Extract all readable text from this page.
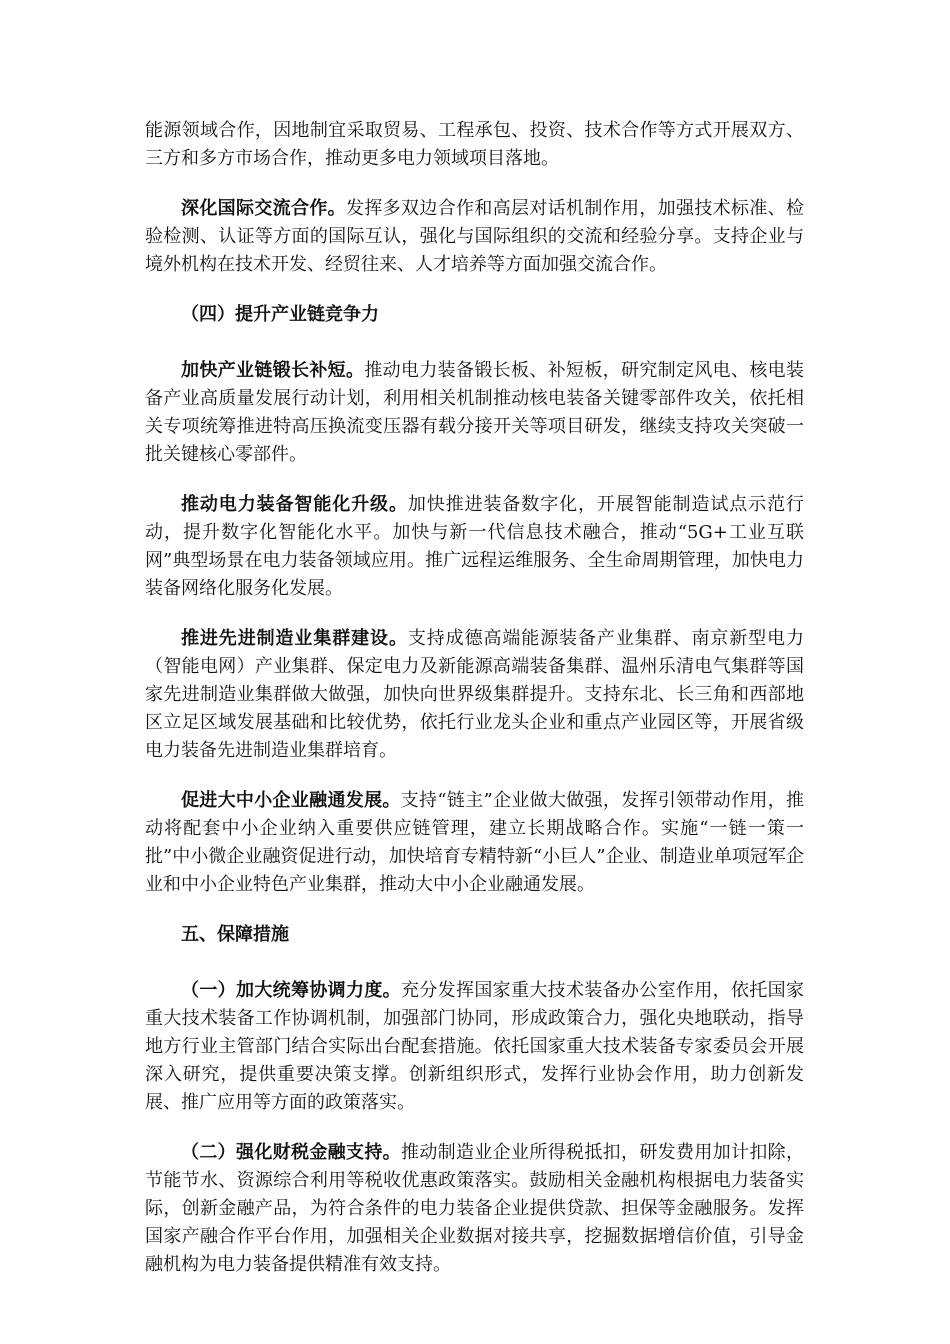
能源领域合作，因地制宜采取贸易、工程承包、投资、技术合作等方式开展双方、三方和多方市场合作，推动更多电力领域项目落地。

深化国际交流合作。发挥多双边合作和高层对话机制作用，加强技术标准、检验检测、认证等方面的国际互认，强化与国际组织的交流和经验分享。支持企业与境外机构在技术开发、经贸往来、人才培养等方面加强交流合作。

（四）提升产业链竞争力

加快产业链锻长补短。推动电力装备锻长板、补短板，研究制定风电、核电装备产业高质量发展行动计划，利用相关机制推动核电装备关键零部件攻关，依托相关专项统筹推进特高压换流变压器有载分接开关等项目研发，继续支持攻关突破一批关键核心零部件。

推动电力装备智能化升级。加快推进装备数字化，开展智能制造试点示范行动，提升数字化智能化水平。加快与新一代信息技术融合，推动“5G+工业互联网”典型场景在电力装备领域应用。推广远程运维服务、全生命周期管理，加快电力装备网络化服务化发展。

推进先进制造业集群建设。支持成德高端能源装备产业集群、南京新型电力（智能电网）产业集群、保定电力及新能源高端装备集群、温州乐清电气集群等国家先进制造业集群做大做强，加快向世界级集群提升。支持东北、长三角和西部地区立足区域发展基础和比较优势，依托行业龙头企业和重点产业园区等，开展省级电力装备先进制造业集群培育。

促进大中小企业融通发展。支持“链主”企业做大做强，发挥引领带动作用，推动将配套中小企业纳入重要供应链管理，建立长期战略合作。实施“一链一策一批”中小微企业融资促进行动，加快培育专精特新“小巨人”企业、制造业单项冠军企业和中小企业特色产业集群，推动大中小企业融通发展。

五、保障措施

（一）加大统筹协调力度。充分发挥国家重大技术装备办公室作用，依托国家重大技术装备工作协调机制，加强部门协同，形成政策合力，强化央地联动，指导地方行业主管部门结合实际出台配套措施。依托国家重大技术装备专家委员会开展深入研究，提供重要决策支撑。创新组织形式，发挥行业协会作用，助力创新发展、推广应用等方面的政策落实。

（二）强化财税金融支持。推动制造业企业所得税抵扣，研发费用加计扣除，节能节水、资源综合利用等税收优惠政策落实。鼓励相关金融机构根据电力装备实际，创新金融产品，为符合条件的电力装备企业提供贷款、担保等金融服务。发挥国家产融合作平台作用，加强相关企业数据对接共享，挖掘数据增信价值，引导金融机构为电力装备提供精准有效支持。
